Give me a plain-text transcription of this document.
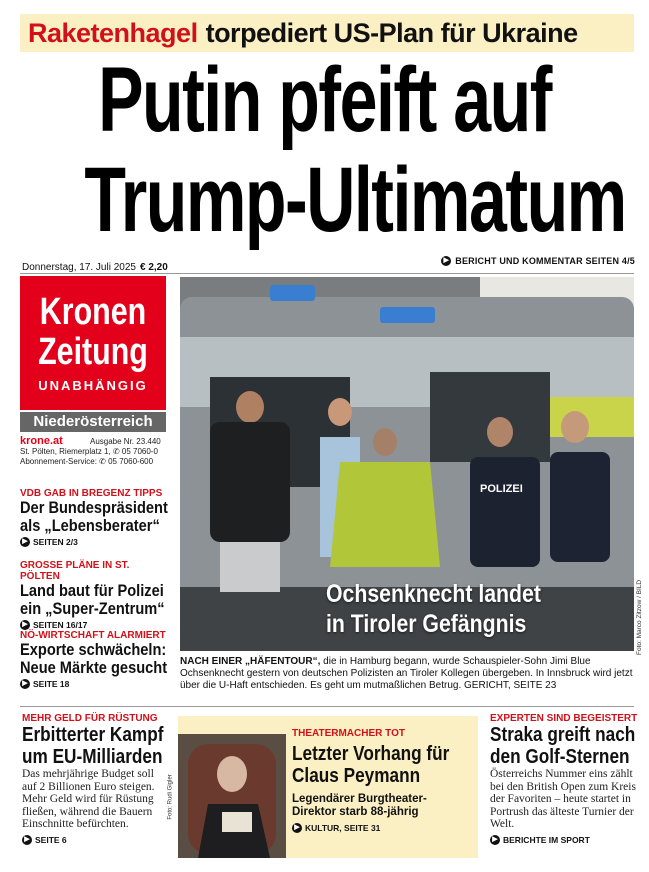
Raketenhagel torpediert US-Plan für Ukraine
Putin pfeift auf
Trump-Ultimatum
Donnerstag, 17. Juli 2025 € 2,20
▶ BERICHT UND KOMMENTAR SEITEN 4/5
Kronen
Zeitung
UNABHÄNGIG
Niederösterreich
krone.at	Ausgabe Nr. 23.440
St. Pölten, Riemerplatz 1, ✆ 05 7060-0
Abonnement-Service: ✆ 05 7060-600
VDB GAB IN BREGENZ TIPPS
Der Bundespräsident
als „Lebensberater“
▶ SEITEN 2/3
GROSSE PLÄNE IN ST. PÖLTEN
Land baut für Polizei
ein „Super-Zentrum“
▶ SEITEN 16/17
NÖ-WIRTSCHAFT ALARMIERT
Exporte schwächeln:
Neue Märkte gesucht
▶ SEITE 18
POLIZEI
Ochsenknecht landet
in Tiroler Gefängnis	Foto: Marco Zitzow / BILD
NACH EINER „HÄFENTOUR“, die in Hamburg begann, wurde Schauspieler-Sohn Jimi Blue Ochsenknecht gestern von deutschen Polizisten an Tiroler Kollegen übergeben. In Innsbruck wird jetzt über die U-Haft entschieden. Es geht um mutmaßlichen Betrug. GERICHT, SEITE 23
MEHR GELD FÜR RÜSTUNG
Erbitterter Kampf
um EU-Milliarden
Das mehrjährige Budget soll auf 2 Billionen Euro steigen. Mehr Geld wird für Rüstung fließen, während die Bauern Einschnitte befürchten.
▶ SEITE 6
Foto: Rudi Gigler
THEATERMACHER TOT
Letzter Vorhang für
Claus Peymann
Legendärer Burgtheater-
Direktor starb 88-jährig
▶ KULTUR, SEITE 31
EXPERTEN SIND BEGEISTERT
Straka greift nach
den Golf-Sternen
Österreichs Nummer eins zählt bei den British Open zum Kreis der Favoriten – heute startet in Portrush das älteste Turnier der Welt.
▶ BERICHTE IM SPORT
